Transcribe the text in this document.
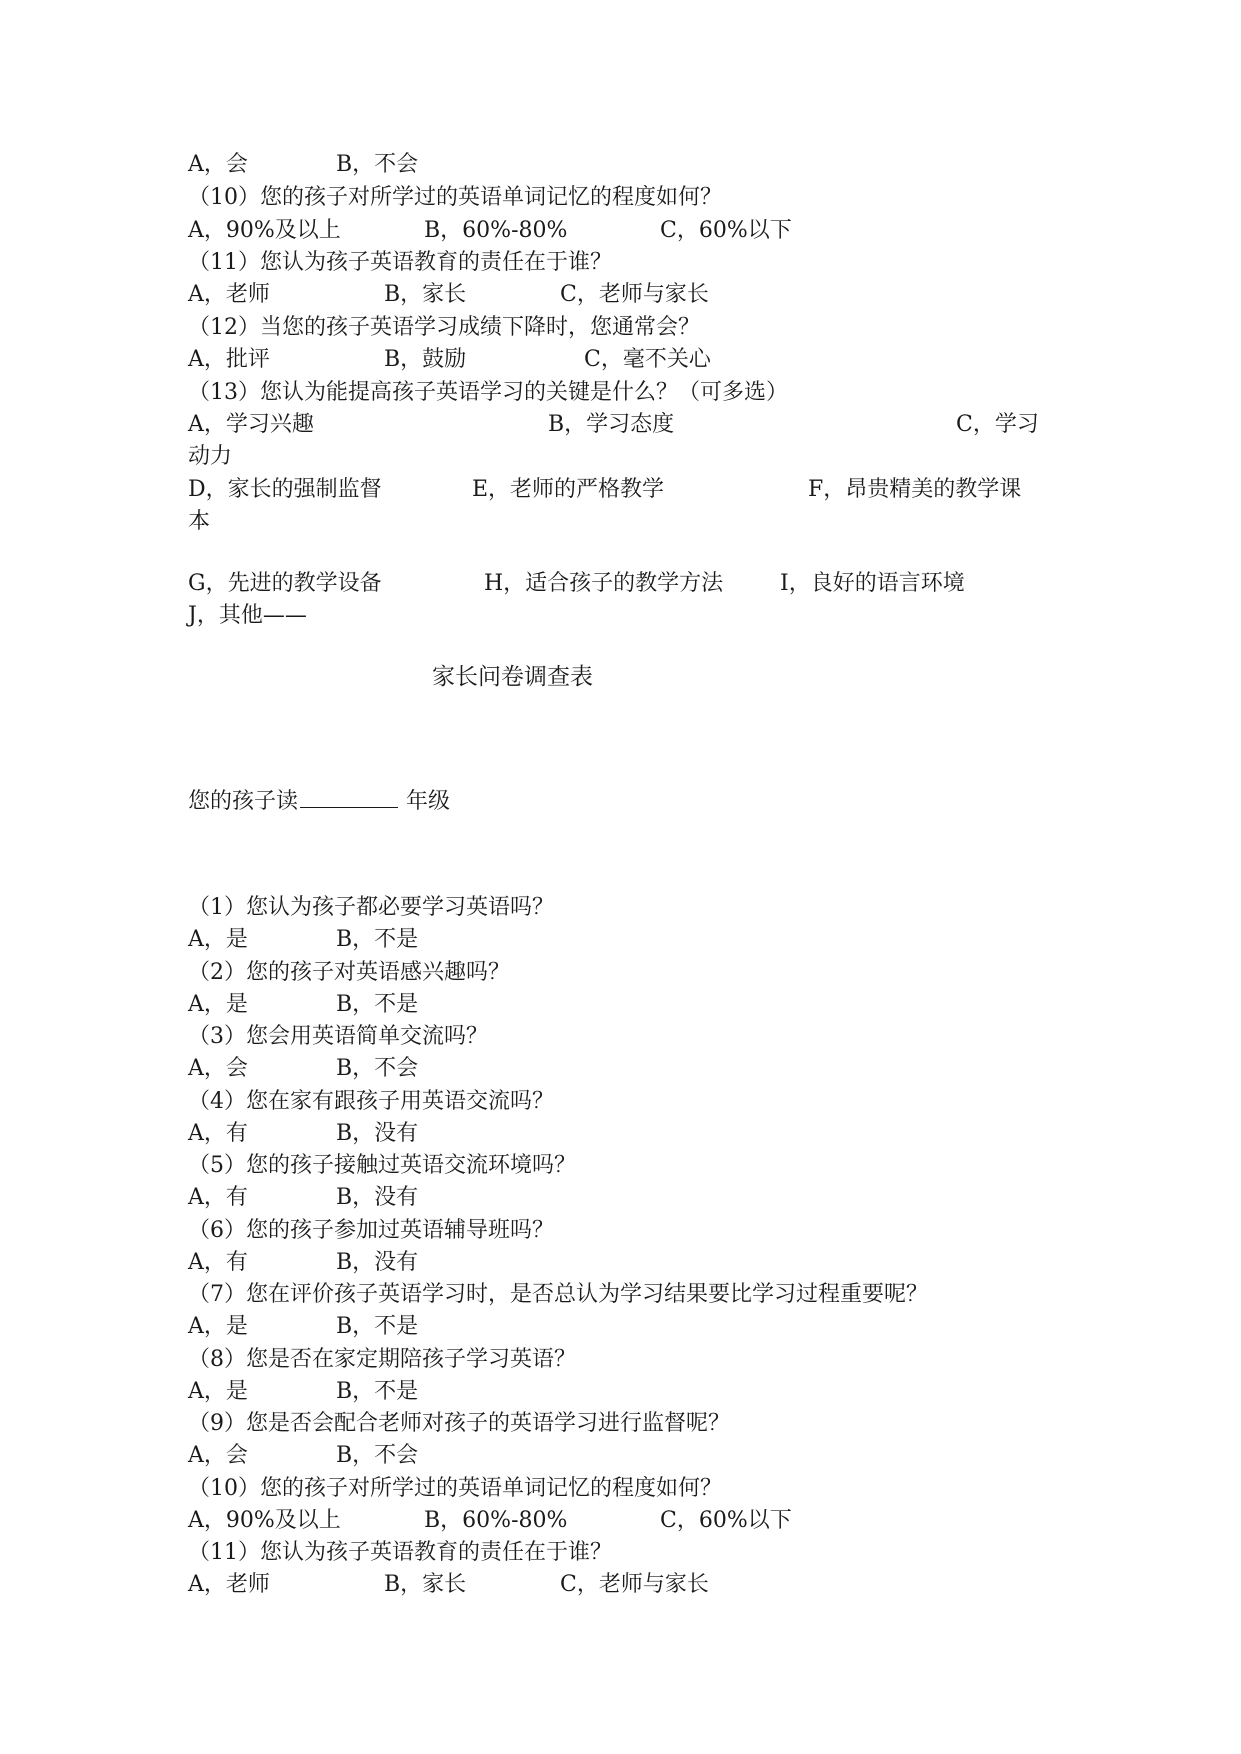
A，会	B，不会
（10）您的孩子对所学过的英语单词记忆的程度如何？
A，90%及以上	B，60%-80%	C，60%以下
（11）您认为孩子英语教育的责任在于谁？
A，老师	B，家长	C，老师与家长
（12）当您的孩子英语学习成绩下降时，您通常会？
A，批评	B，鼓励	C，毫不关心
（13）您认为能提高孩子英语学习的关键是什么？（可多选）
A，学习兴趣	B，学习态度	C，学习
动力
D，家长的强制监督	E，老师的严格教学	F，昂贵精美的教学课
本
G，先进的教学设备	H，适合孩子的教学方法	I，良好的语言环境
J，其他——
家长问卷调查表
您的孩子读	年级
（1）您认为孩子都必要学习英语吗？
A，是	B，不是
（2）您的孩子对英语感兴趣吗？
A，是	B，不是
（3）您会用英语简单交流吗？
A，会	B，不会
（4）您在家有跟孩子用英语交流吗？
A，有	B，没有
（5）您的孩子接触过英语交流环境吗？
A，有	B，没有
（6）您的孩子参加过英语辅导班吗？
A，有	B，没有
（7）您在评价孩子英语学习时，是否总认为学习结果要比学习过程重要呢？
A，是	B，不是
（8）您是否在家定期陪孩子学习英语？
A，是	B，不是
（9）您是否会配合老师对孩子的英语学习进行监督呢？
A，会	B，不会
（10）您的孩子对所学过的英语单词记忆的程度如何？
A，90%及以上	B，60%-80%	C，60%以下
（11）您认为孩子英语教育的责任在于谁？
A，老师	B，家长	C，老师与家长
